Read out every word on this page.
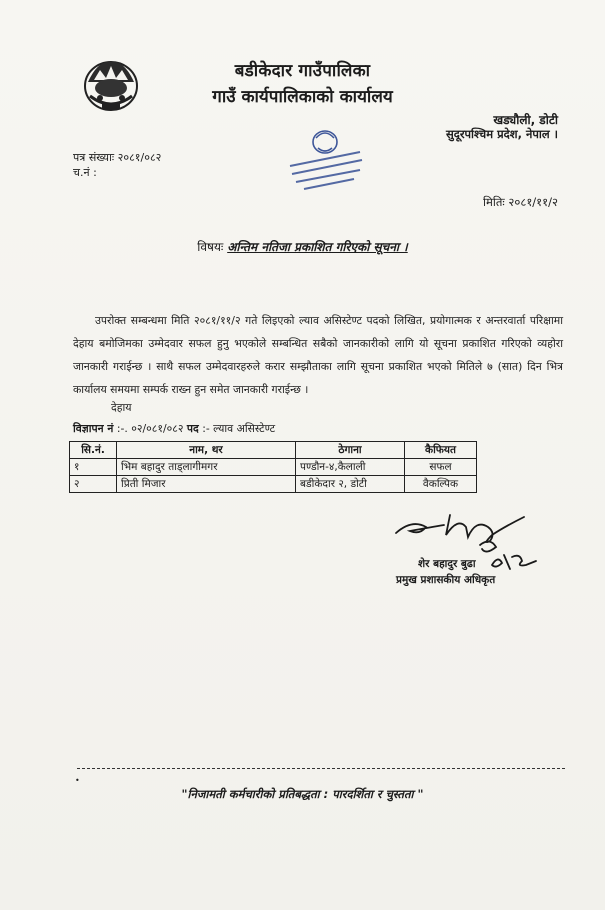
बडीकेदार गाउँपालिका
गाउँ कार्यपालिकाको कार्यालय
खड्यौली, डोटी
सुदूरपश्चिम प्रदेश, नेपाल ।
पत्र संख्याः २०८१/०८२
च.नं :
मितिः २०८१/११/२
विषयः अन्तिम नतिजा प्रकाशित गरिएको सूचना ।
उपरोक्त सम्बन्धमा मिति २०८१/११/२ गते लिइएको ल्याव असिस्टेण्ट पदको लिखित, प्रयोगात्मक र अन्तरवार्ता परिक्षामा देहाय बमोजिमका उम्मेदवार सफल हुनु भएकोले सम्बन्धित सबैको जानकारीको लागि यो सूचना प्रकाशित गरिएको व्यहोरा जानकारी गराईन्छ । साथै सफल उम्मेदवारहरुले करार सम्झौताका लागि सूचना प्रकाशित भएको मितिले ७ (सात) दिन भित्र कार्यालय समयमा सम्पर्क राख्न हुन समेत जानकारी गराईन्छ ।
देहाय
विज्ञापन नं :-. ०२/०८१/०८२ पद :- ल्याव असिस्टेण्ट
सि.नं.	नाम, थर	ठेगाना	कैफियत
१	भिम बहादुर ताड्लागीमगर	पण्डौन-४,कैलाली	सफल
२	प्रिती मिजार	बडीकेदार २, डोटी	वैकल्पिक
शेर बहादुर बुढा
प्रमुख प्रशासकीय अधिकृत
•
"निजामती कर्मचारीको प्रतिबद्धता : पारदर्शिता र चुस्तता "
